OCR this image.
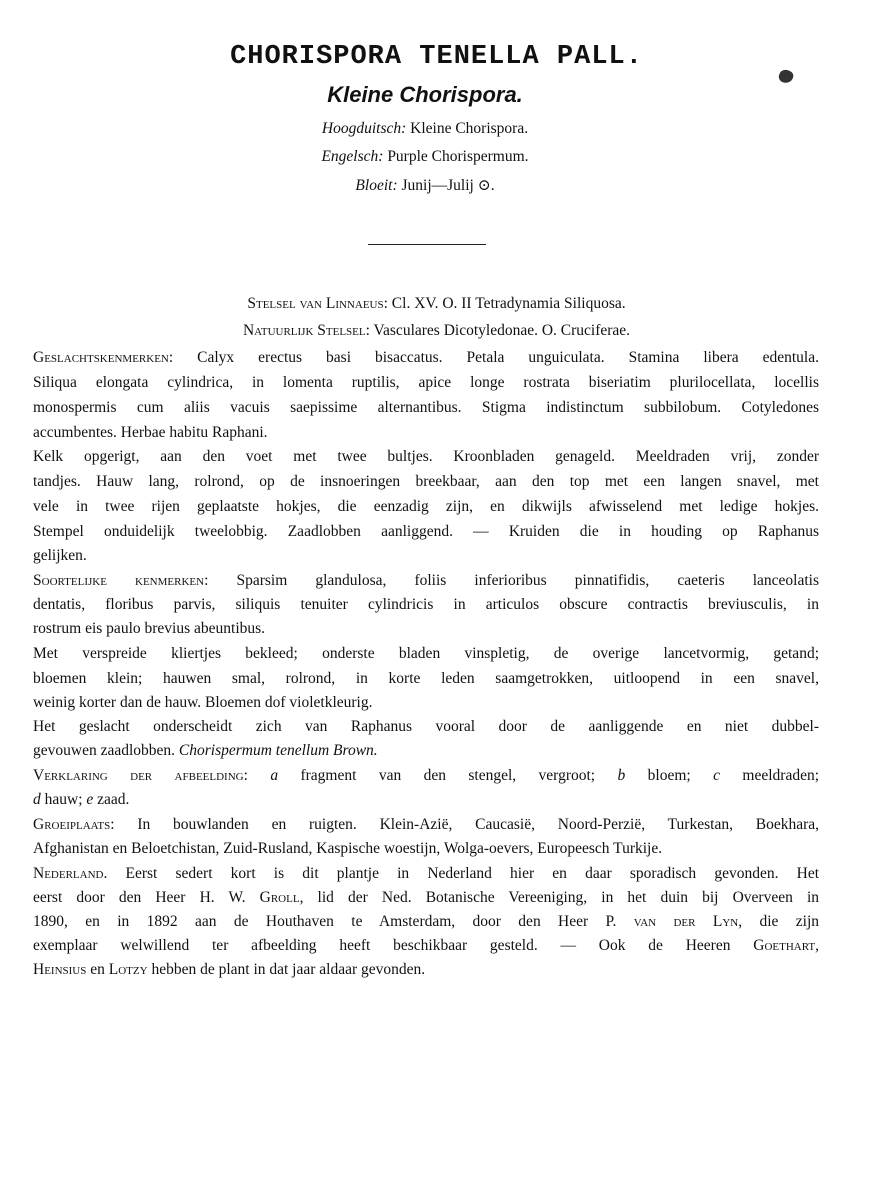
CHORISPORA TENELLA PALL.
Kleine Chorispora.
Hoogduitsch: Kleine Chorispora.
Engelsch: Purple Chorispermum.
Bloeit: Junij—Julij ⊙.
Stelsel van Linnaeus: Cl. XV. O. II Tetradynamia Siliquosa.
Natuurlijk Stelsel: Vasculares Dicotyledonae. O. Cruciferae.
Geslachtskenmerken: Calyx erectus basi bisaccatus. Petala unguiculata. Stamina libera edentula.
Siliqua elongata cylindrica, in lomenta ruptilis, apice longe rostrata biseriatim plurilocellata, locellis
monospermis cum aliis vacuis saepissime alternantibus. Stigma indistinctum subbilobum. Cotyledones
accumbentes. Herbae habitu Raphani.
Kelk opgerigt, aan den voet met twee bultjes. Kroonbladen genageld. Meeldraden vrij, zonder
tandjes. Hauw lang, rolrond, op de insnoeringen breekbaar, aan den top met een langen snavel, met
vele in twee rijen geplaatste hokjes, die eenzadig zijn, en dikwijls afwisselend met ledige hokjes.
Stempel onduidelijk tweelobbig. Zaadlobben aanliggend. — Kruiden die in houding op Raphanus
gelijken.
Soortelijke kenmerken: Sparsim glandulosa, foliis inferioribus pinnatifidis, caeteris lanceolatis
dentatis, floribus parvis, siliquis tenuiter cylindricis in articulos obscure contractis breviusculis, in
rostrum eis paulo brevius abeuntibus.
Met verspreide kliertjes bekleed; onderste bladen vinspletig, de overige lancetvormig, getand;
bloemen klein; hauwen smal, rolrond, in korte leden saamgetrokken, uitloopend in een snavel,
weinig korter dan de hauw. Bloemen dof violetkleurig.
Het geslacht onderscheidt zich van Raphanus vooral door de aanliggende en niet dubbel-
gevouwen zaadlobben. Chorispermum tenellum Brown.
Verklaring der afbeelding: a fragment van den stengel, vergroot; b bloem; c meeldraden;
d hauw; e zaad.
Groeiplaats: In bouwlanden en ruigten. Klein-Azië, Caucasië, Noord-Perzië, Turkestan, Boekhara,
Afghanistan en Beloetchistan, Zuid-Rusland, Kaspische woestijn, Wolga-oevers, Europeesch Turkije.
Nederland. Eerst sedert kort is dit plantje in Nederland hier en daar sporadisch gevonden. Het
eerst door den Heer H. W. Groll, lid der Ned. Botanische Vereeniging, in het duin bij Overveen in
1890, en in 1892 aan de Houthaven te Amsterdam, door den Heer P. van der Lyn, die zijn
exemplaar welwillend ter afbeelding heeft beschikbaar gesteld. — Ook de Heeren Goethart,
Heinsius en Lotzy hebben de plant in dat jaar aldaar gevonden.
